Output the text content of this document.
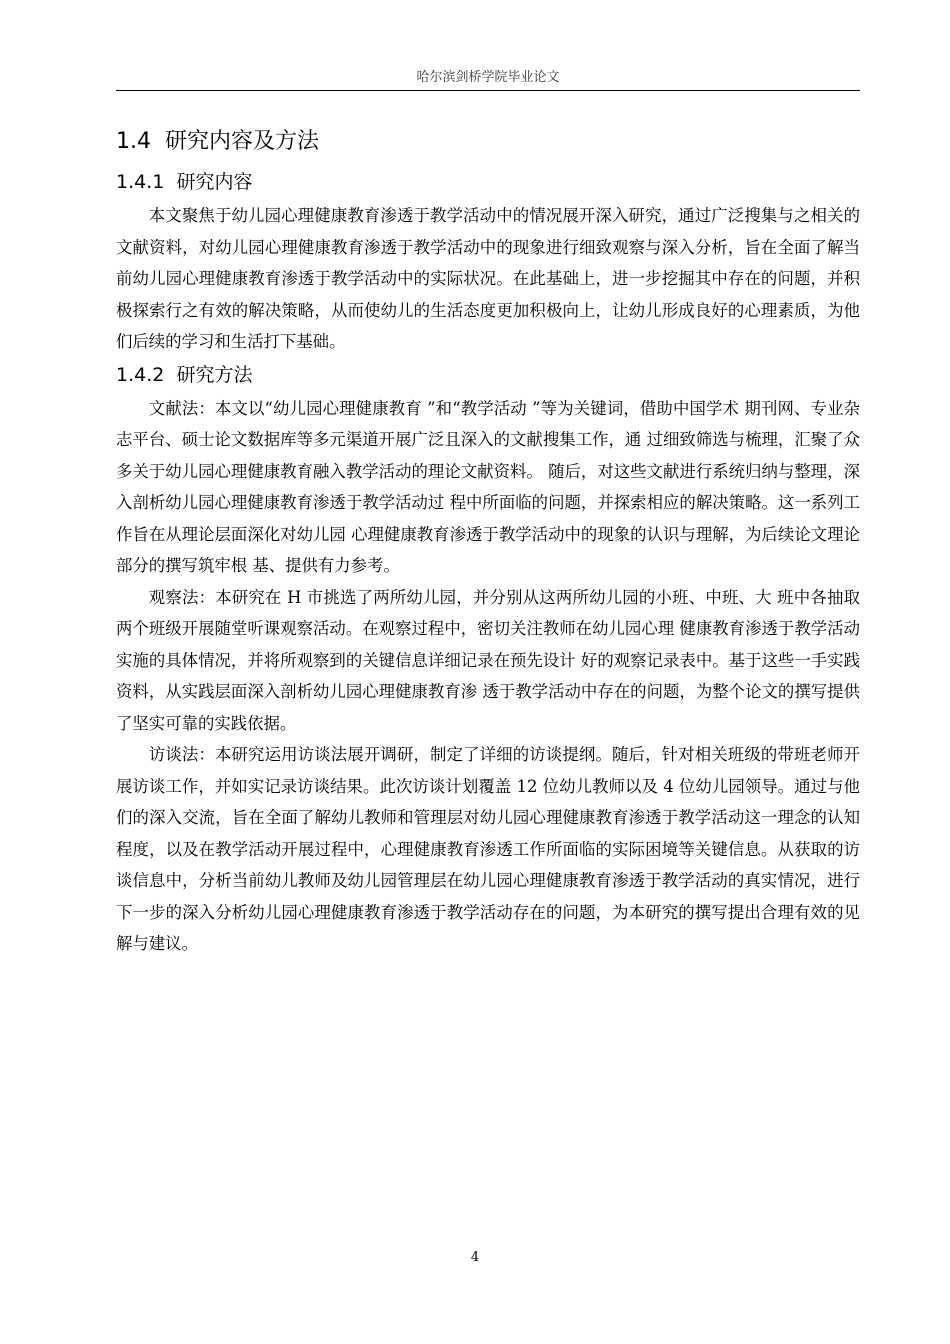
哈尔滨剑桥学院毕业论文
1.4 研究内容及方法
1.4.1 研究内容

本文聚焦于幼儿园心理健康教育渗透于教学活动中的情况展开深入研究，通过广泛搜集与之相关的文献资料，对幼儿园心理健康教育渗透于教学活动中的现象进行细致观察与深入分析，旨在全面了解当前幼儿园心理健康教育渗透于教学活动中的实际状况。在此基础上，进一步挖掘其中存在的问题，并积极探索行之有效的解决策略，从而使幼儿的生活态度更加积极向上，让幼儿形成良好的心理素质，为他们后续的学习和生活打下基础。

1.4.2 研究方法

文献法：本文以“幼儿园心理健康教育 ”和“教学活动 ”等为关键词，借助中国学术 期刊网、专业杂志平台、硕士论文数据库等多元渠道开展广泛且深入的文献搜集工作，通 过细致筛选与梳理，汇聚了众多关于幼儿园心理健康教育融入教学活动的理论文献资料。 随后，对这些文献进行系统归纳与整理，深入剖析幼儿园心理健康教育渗透于教学活动过 程中所面临的问题，并探索相应的解决策略。这一系列工作旨在从理论层面深化对幼儿园 心理健康教育渗透于教学活动中的现象的认识与理解，为后续论文理论部分的撰写筑牢根 基、提供有力参考。

观察法：本研究在 H 市挑选了两所幼儿园，并分别从这两所幼儿园的小班、中班、大 班中各抽取两个班级开展随堂听课观察活动。在观察过程中，密切关注教师在幼儿园心理 健康教育渗透于教学活动实施的具体情况，并将所观察到的关键信息详细记录在预先设计 好的观察记录表中。基于这些一手实践资料，从实践层面深入剖析幼儿园心理健康教育渗 透于教学活动中存在的问题，为整个论文的撰写提供了坚实可靠的实践依据。

访谈法：本研究运用访谈法展开调研，制定了详细的访谈提纲。随后，针对相关班级的带班老师开展访谈工作，并如实记录访谈结果。此次访谈计划覆盖 12 位幼儿教师以及 4 位幼儿园领导。通过与他们的深入交流，旨在全面了解幼儿教师和管理层对幼儿园心理健康教育渗透于教学活动这一理念的认知程度，以及在教学活动开展过程中，心理健康教育渗透工作所面临的实际困境等关键信息。从获取的访谈信息中，分析当前幼儿教师及幼儿园管理层在幼儿园心理健康教育渗透于教学活动的真实情况，进行下一步的深入分析幼儿园心理健康教育渗透于教学活动存在的问题，为本研究的撰写提出合理有效的见解与建议。

4
